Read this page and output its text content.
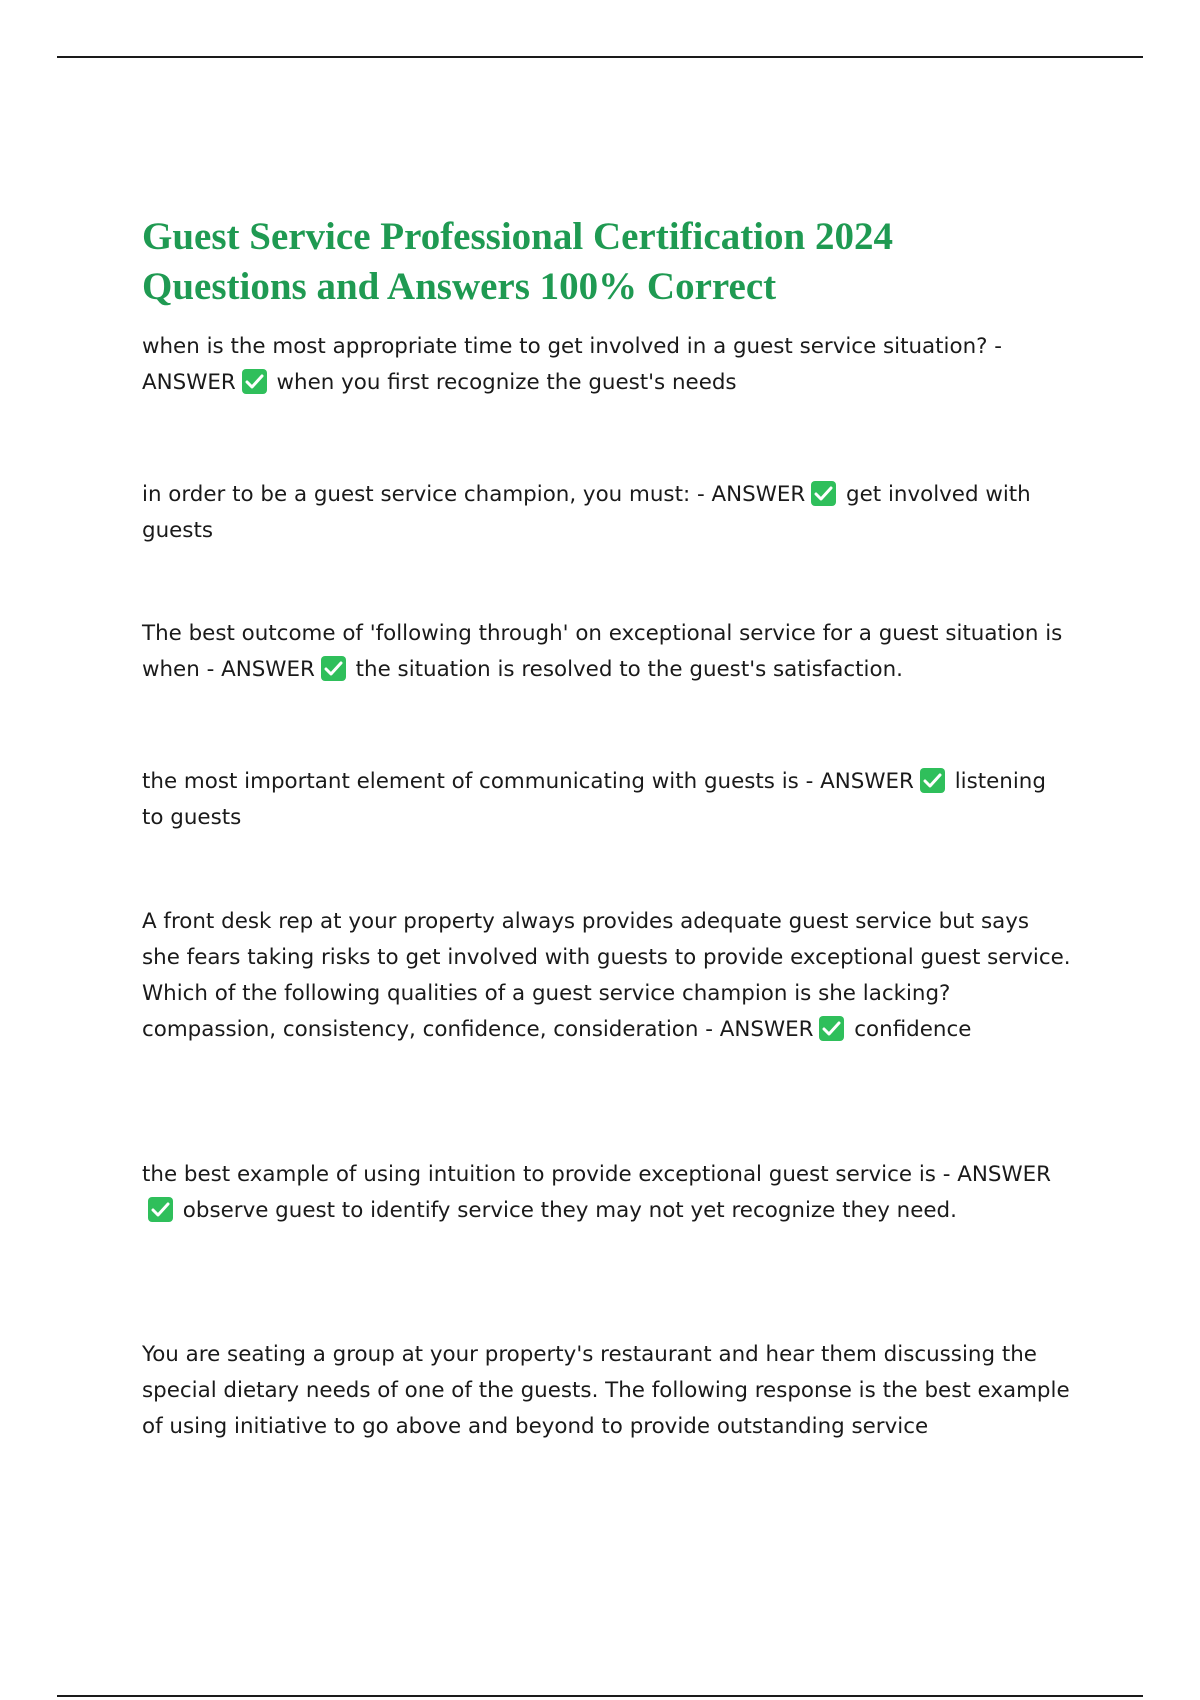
Guest Service Professional Certification 2024
Questions and Answers 100% Correct

when is the most appropriate time to get involved in a guest service situation? - ANSWER
when you first recognize the guest's needs

in order to be a guest service champion, you must: - ANSWER
get involved with guests

The best outcome of 'following through' on exceptional service for a guest situation is when - ANSWER
the situation is resolved to the guest's satisfaction.

the most important element of communicating with guests is - ANSWER
listening to guests

A front desk rep at your property always provides adequate guest service but says she fears taking risks to get involved with guests to provide exceptional guest service. Which of the following qualities of a guest service champion is she lacking? compassion, consistency, confidence, consideration - ANSWER
confidence

the best example of using intuition to provide exceptional guest service is - ANSWER
observe guest to identify service they may not yet recognize they need.

You are seating a group at your property's restaurant and hear them discussing the special dietary needs of one of the guests. The following response is the best example of using initiative to go above and beyond to provide outstanding service
